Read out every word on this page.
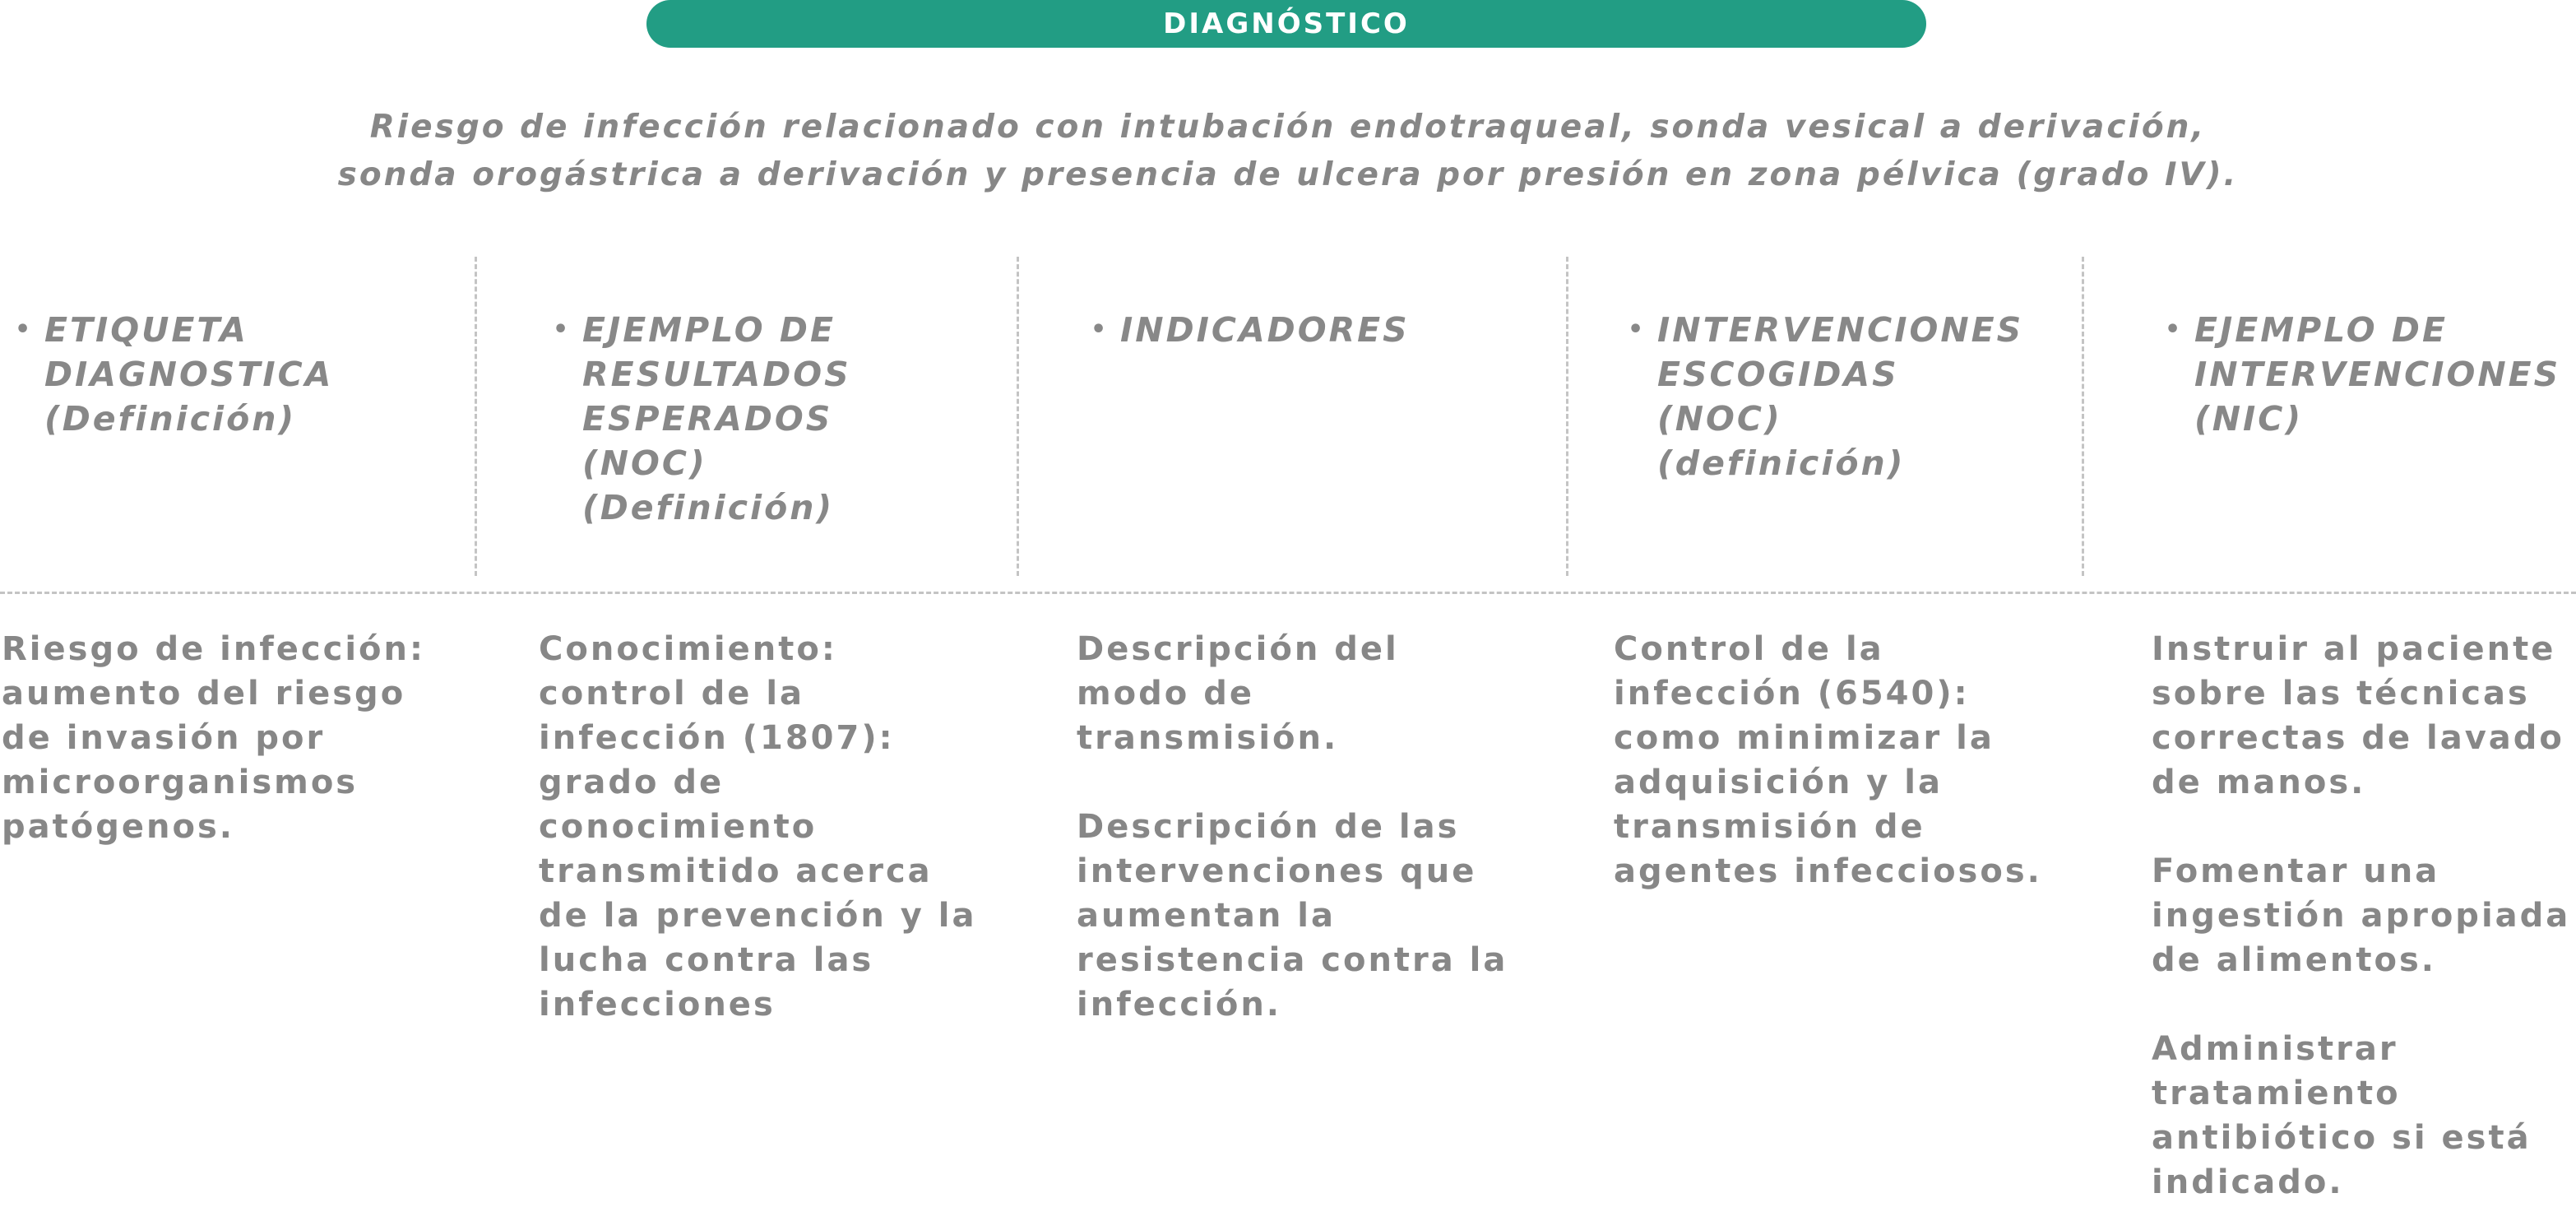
DIAGNÓSTICO
Riesgo de infección relacionado con intubación endotraqueal, sonda vesical a derivación,
sonda orogástrica a derivación y presencia de ulcera por presión en zona pélvica (grado IV).
• ETIQUETA
DIAGNOSTICA
(Definición)
• EJEMPLO DE
RESULTADOS
ESPERADOS
(NOC)
(Definición)
• INDICADORES	• INTERVENCIONES
ESCOGIDAS
(NOC)
(definición)
• EJEMPLO DE
INTERVENCIONES
(NIC)
Riesgo de infección:
aumento del riesgo
de invasión por
microorganismos
patógenos.
Conocimiento:
control de la
infección (1807):
grado de
conocimiento
transmitido acerca
de la prevención y la
lucha contra las
infecciones
Descripción del
modo de
transmisión.
Descripción de las
intervenciones que
aumentan la
resistencia contra la
infección.
Control de la
infección (6540):
como minimizar la
adquisición y la
transmisión de
agentes infecciosos.
Instruir al paciente
sobre las técnicas
correctas de lavado
de manos.
Fomentar una
ingestión apropiada
de alimentos.
Administrar
tratamiento
antibiótico si está
indicado.
